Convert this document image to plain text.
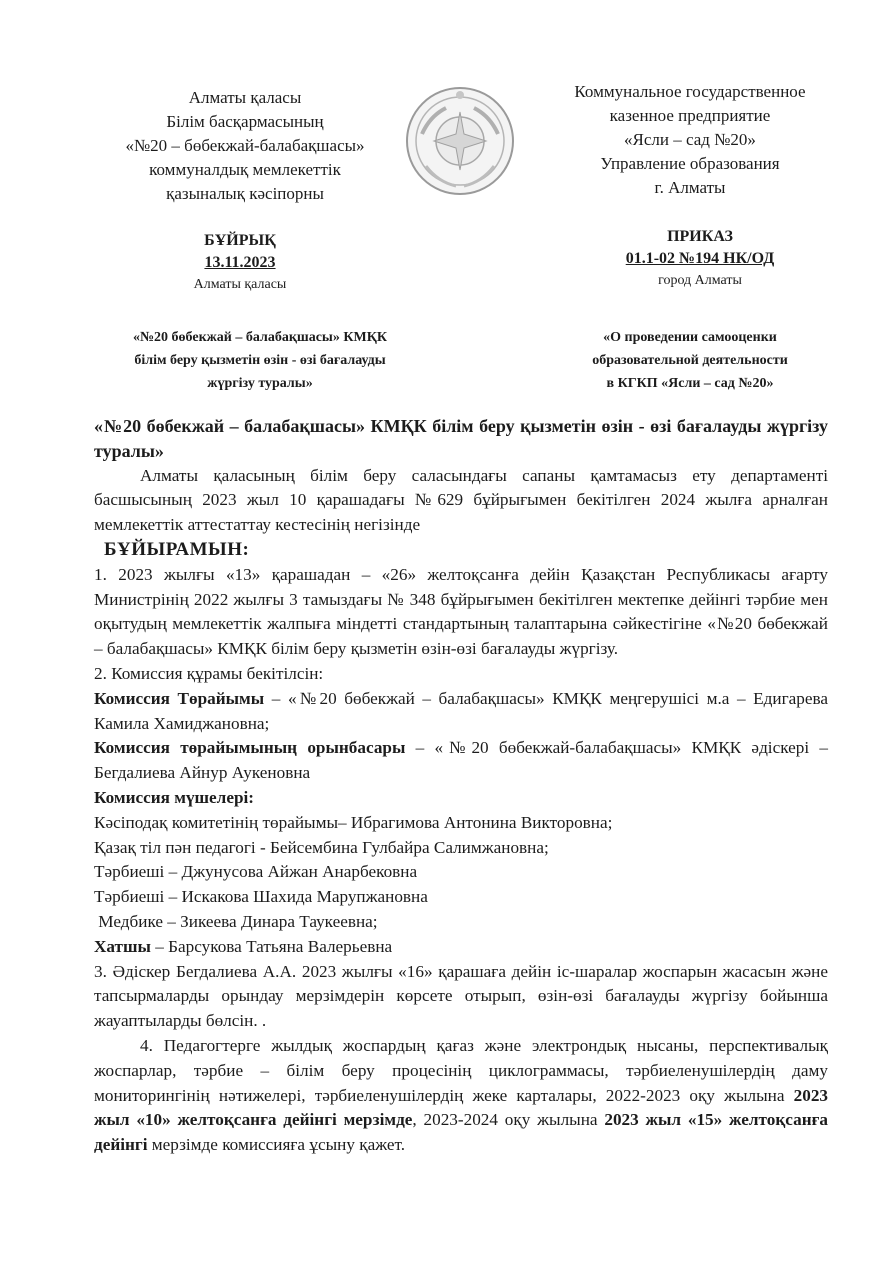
Алматы қаласы
Білім басқармасының
«№20 – бөбекжай-балабақшасы»
коммуналдық мемлекеттік
қазыналық кәсіпорны
Коммунальное государственное
казенное предприятие
«Ясли – сад №20»
Управление образования
г. Алматы
БҰЙРЫҚ
13.11.2023
Алматы қаласы
ПРИКАЗ
01.1-02 №194 НК/ОД
город Алматы
«№20 бөбекжай – балабақшасы» КМҚК
білім беру қызметін өзін - өзі бағалауды
жүргізу туралы»
«О проведении самооценки
образовательной деятельности
в КГКП «Ясли – сад №20»

«№20 бөбекжай – балабақшасы» КМҚК білім беру қызметін өзін - өзі бағалауды жүргізу туралы»

Алматы қаласының білім беру саласындағы сапаны қамтамасыз ету департаменті басшысының 2023 жыл 10 қарашадағы №629 бұйрығымен бекітілген 2024 жылға арналған мемлекеттік аттестаттау кестесінің негізінде

БҰЙЫРАМЫН:

1. 2023 жылғы «13» қарашадан – «26» желтоқсанға дейін Қазақстан Республикасы ағарту Министрінің 2022 жылғы 3 тамыздағы № 348 бұйрығымен бекітілген мектепке дейінгі тәрбие мен оқытудың мемлекеттік жалпыға міндетті стандартының талаптарына сәйкестігіне «№20 бөбекжай – балабақшасы» КМҚК білім беру қызметін өзін-өзі бағалауды жүргізу.

2. Комиссия құрамы бекітілсін:

Комиссия Төрайымы – «№20 бөбекжай – балабақшасы» КМҚК меңгерушісі м.а – Едигарева Камила Хамиджановна;

Комиссия төрайымының орынбасары – «№20 бөбекжай-балабақшасы» КМҚК әдіскері –Бегдалиева Айнур Аукеновна

Комиссия мүшелері:

Кәсіподақ комитетінің төрайымы– Ибрагимова Антонина Викторовна;

Қазақ тіл пән педагогі - Бейсембина Гулбайра Салимжановна;

Тәрбиеші – Джунусова Айжан Анарбековна

Тәрбиеші – Искакова Шахида Марупжановна

Медбике – Зикеева Динара Таукеевна;

Хатшы – Барсукова Татьяна Валерьевна

3. Әдіскер Бегдалиева А.А. 2023 жылғы «16» қарашаға дейін іс-шаралар жоспарын жасасын және тапсырмаларды орындау мерзімдерін көрсете отырып, өзін-өзі бағалауды жүргізу бойынша жауаптыларды бөлсін. .

4. Педагогтерге жылдық жоспардың қағаз және электрондық нысаны, перспективалық жоспарлар, тәрбие – білім беру процесінің циклограммасы, тәрбиеленушілердің даму мониторингінің нәтижелері, тәрбиеленушілердің жеке карталары, 2022-2023 оқу жылына 2023 жыл «10» желтоқсанға дейінгі мерзімде, 2023-2024 оқу жылына 2023 жыл «15» желтоқсанға дейінгі мерзімде комиссияға ұсыну қажет.
